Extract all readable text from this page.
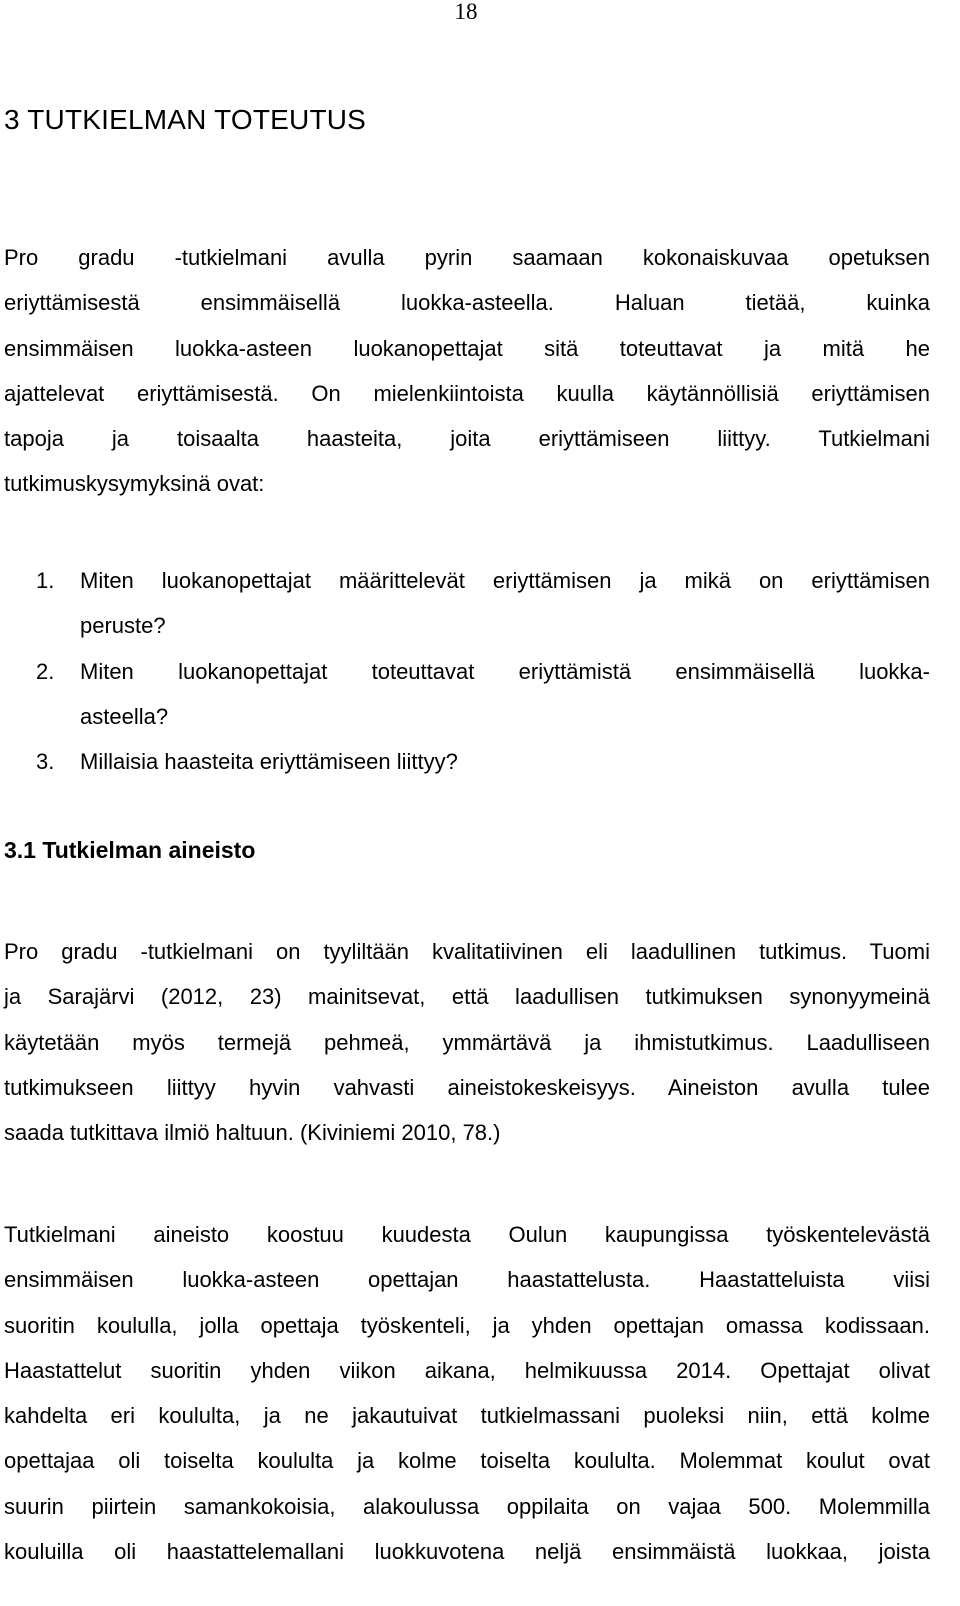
18
3 TUTKIELMAN TOTEUTUS

Pro gradu -tutkielmani avulla pyrin saamaan kokonaiskuvaa opetuksen
eriyttämisestä ensimmäisellä luokka-asteella. Haluan tietää, kuinka
ensimmäisen luokka-asteen luokanopettajat sitä toteuttavat ja mitä he
ajattelevat eriyttämisestä. On mielenkiintoista kuulla käytännöllisiä eriyttämisen
tapoja ja toisaalta haasteita, joita eriyttämiseen liittyy. Tutkielmani
tutkimuskysymyksinä ovat:

1. Miten luokanopettajat määrittelevät eriyttämisen ja mikä on eriyttämisen
peruste?
2. Miten luokanopettajat toteuttavat eriyttämistä ensimmäisellä luokka-
asteella?
3. Millaisia haasteita eriyttämiseen liittyy?
3.1 Tutkielman aineisto

Pro gradu -tutkielmani on tyyliltään kvalitatiivinen eli laadullinen tutkimus. Tuomi
ja Sarajärvi (2012, 23) mainitsevat, että laadullisen tutkimuksen synonyymeinä
käytetään myös termejä pehmeä, ymmärtävä ja ihmistutkimus. Laadulliseen
tutkimukseen liittyy hyvin vahvasti aineistokeskeisyys. Aineiston avulla tulee
saada tutkittava ilmiö haltuun. (Kiviniemi 2010, 78.)

Tutkielmani aineisto koostuu kuudesta Oulun kaupungissa työskentelevästä
ensimmäisen luokka-asteen opettajan haastattelusta. Haastatteluista viisi
suoritin koululla, jolla opettaja työskenteli, ja yhden opettajan omassa kodissaan.
Haastattelut suoritin yhden viikon aikana, helmikuussa 2014. Opettajat olivat
kahdelta eri koululta, ja ne jakautuivat tutkielmassani puoleksi niin, että kolme
opettajaa oli toiselta koululta ja kolme toiselta koululta. Molemmat koulut ovat
suurin piirtein samankokoisia, alakoulussa oppilaita on vajaa 500. Molemmilla
kouluilla oli haastattelemallani luokkuvotena neljä ensimmäistä luokkaa, joista
